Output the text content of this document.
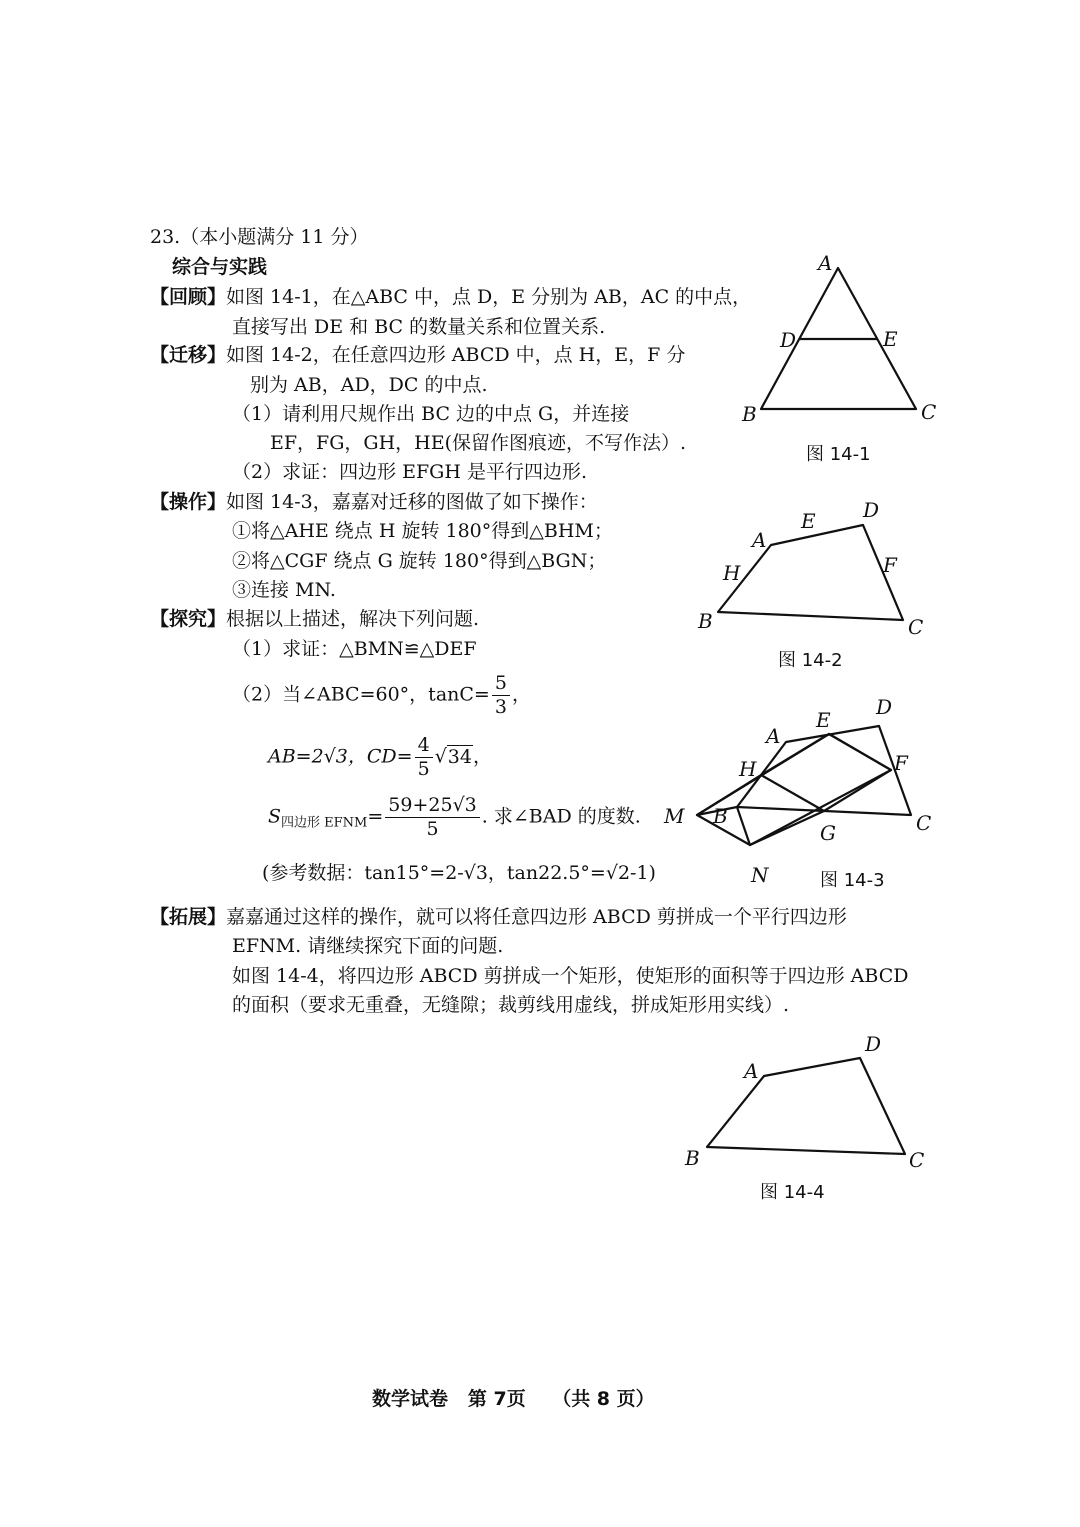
23.（本小题满分 11 分）
综合与实践
【回顾】如图 14-1，在△ABC 中，点 D，E 分别为 AB，AC 的中点，
直接写出 DE 和 BC 的数量关系和位置关系.
【迁移】如图 14-2，在任意四边形 ABCD 中，点 H，E，F 分
别为 AB，AD，DC 的中点.
（1）请利用尺规作出 BC 边的中点 G，并连接
EF，FG，GH，HE(保留作图痕迹，不写作法）.
（2）求证：四边形 EFGH 是平行四边形.
【操作】如图 14-3，嘉嘉对迁移的图做了如下操作：
①将△AHE 绕点 H 旋转 180°得到△BHM；
②将△CGF 绕点 G 旋转 180°得到△BGN；
③连接 MN.
【探究】根据以上描述，解决下列问题.
（1）求证：△BMN≌△DEF
（2）当∠ABC=60°，$\tan C= \frac{5}{3}$ ，
AB=2√3，$CD= \frac{4}{5} √34$，
$S_{四边形 EFNM}= \frac{59+25√3}{5}$ . 求∠BAD 的度数.
(参考数据：tan15°=2-√3，tan22.5°=√2-1)
【拓展】嘉嘉通过这样的操作，就可以将任意四边形 ABCD 剪拼成一个平行四边形
EFNM. 请继续探究下面的问题.
如图 14-4，将四边形 ABCD 剪拼成一个矩形，使矩形的面积等于四边形 ABCD
的面积（要求无重叠，无缝隙；裁剪线用虚线，拼成矩形用实线）.
A
D	E
B	C
A
E D
H	F
B	C
E
D
A
H	F
M B
G	C
N
A
D
B	C
图 14-1
图 14-2
图 14-3
图 14-4
数学试卷 第 7页 （共 8 页）
